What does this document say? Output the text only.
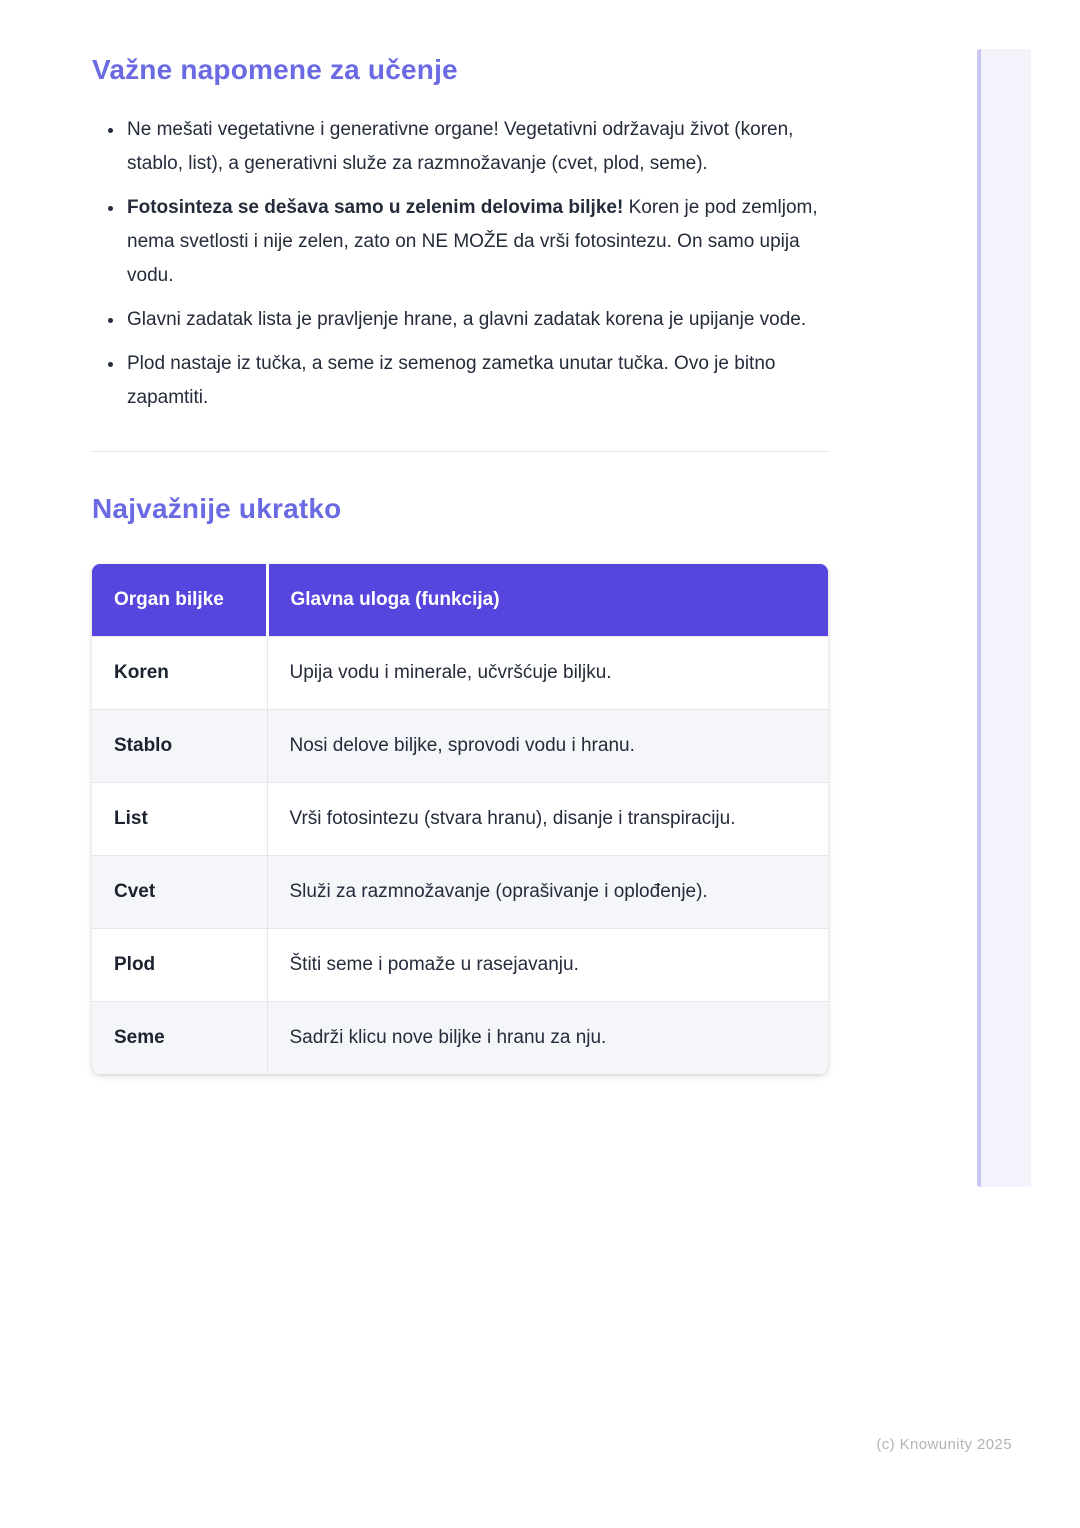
Važne napomene za učenje
• Ne mešati vegetativne i generativne organe! Vegetativni održavaju život (koren, stablo, list), a generativni služe za razmnožavanje (cvet, plod, seme).
• Fotosinteza se dešava samo u zelenim delovima biljke! Koren je pod zemljom, nema svetlosti i nije zelen, zato on NE MOŽE da vrši fotosintezu. On samo upija vodu.
• Glavni zadatak lista je pravljenje hrane, a glavni zadatak korena je upijanje vode.
• Plod nastaje iz tučka, a seme iz semenog zametka unutar tučka. Ovo je bitno zapamtiti.
Najvažnije ukratko
Organ biljke	Glavna uloga (funkcija)
Koren	Upija vodu i minerale, učvršćuje biljku.
Stablo	Nosi delove biljke, sprovodi vodu i hranu.
List	Vrši fotosintezu (stvara hranu), disanje i transpiraciju.
Cvet	Služi za razmnožavanje (oprašivanje i oplođenje).
Plod	Štiti seme i pomaže u rasejavanju.
Seme	Sadrži klicu nove biljke i hranu za nju.
(c) Knowunity 2025
